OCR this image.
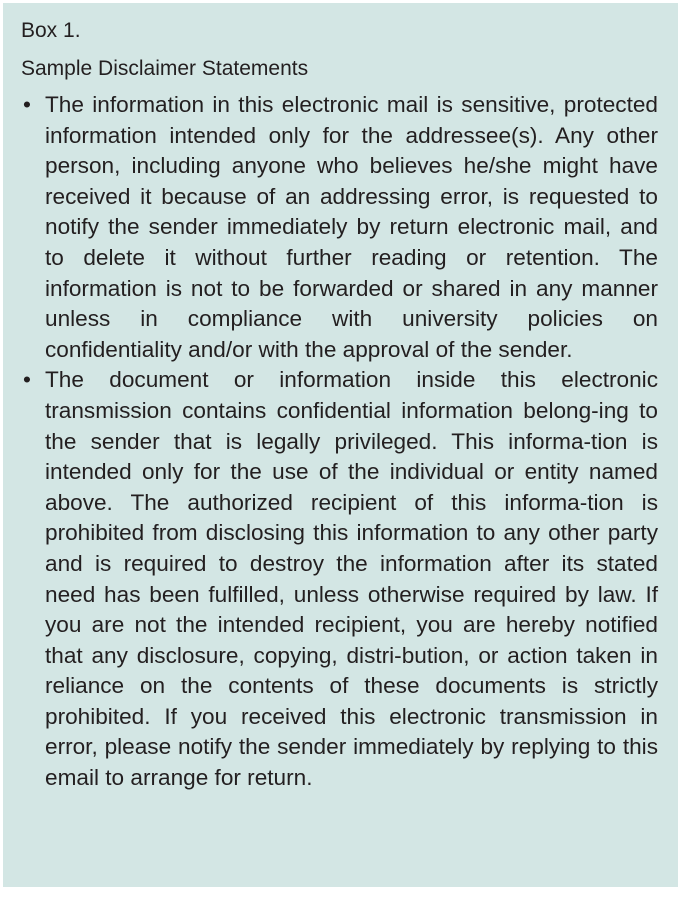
Box 1.
Sample Disclaimer Statements
• The information in this electronic mail is sensitive, protected information intended only for the addressee(s). Any other person, including anyone who believes he/she might have received it because of an addressing error, is requested to notify the sender immediately by return electronic mail, and to delete it without further reading or retention. The information is not to be forwarded or shared in any manner unless in compliance with university policies on confidentiality and/or with the approval of the sender.
• The document or information inside this electronic transmission contains confidential information belong-ing to the sender that is legally privileged. This informa-tion is intended only for the use of the individual or entity named above. The authorized recipient of this informa-tion is prohibited from disclosing this information to any other party and is required to destroy the information after its stated need has been fulfilled, unless otherwise required by law. If you are not the intended recipient, you are hereby notified that any disclosure, copying, distri-bution, or action taken in reliance on the contents of these documents is strictly prohibited. If you received this electronic transmission in error, please notify the sender immediately by replying to this email to arrange for return.
